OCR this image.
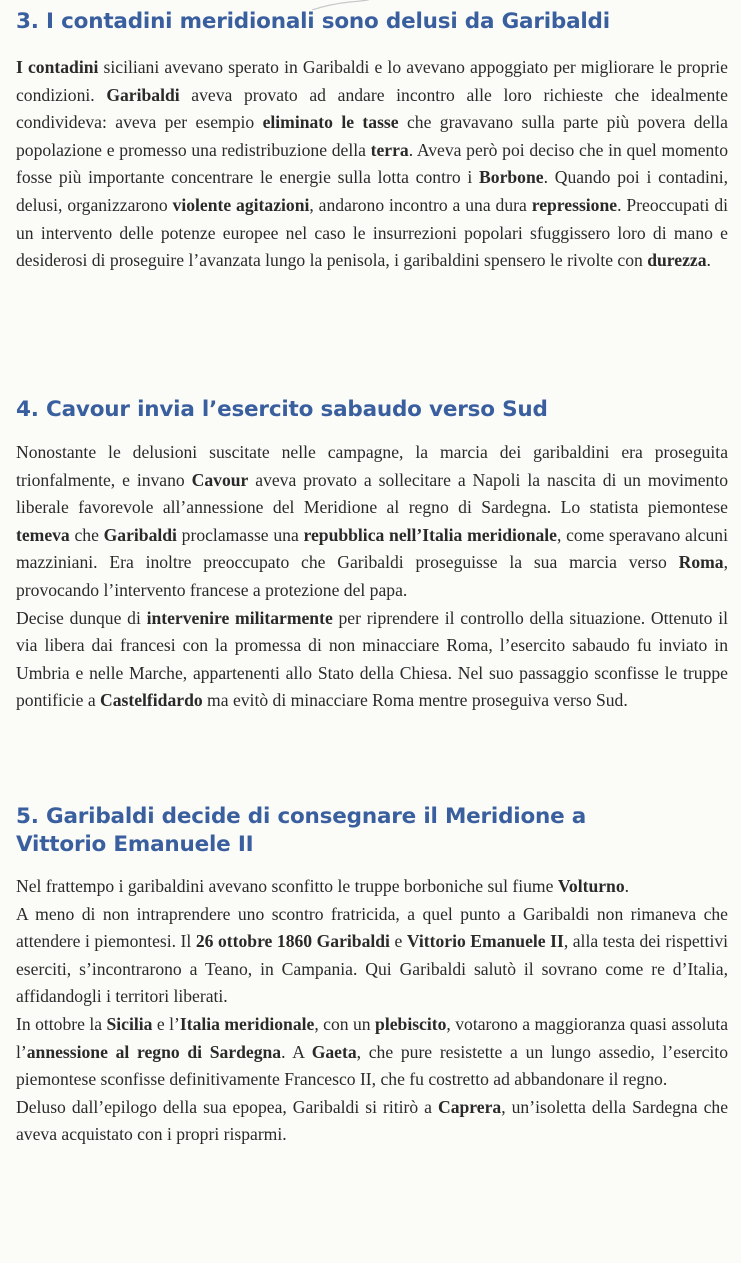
3. I contadini meridionali sono delusi da Garibaldi

I contadini siciliani avevano sperato in Garibaldi e lo avevano appoggiato per migliorare le proprie condizioni. Garibaldi aveva provato ad andare incontro alle loro richieste che idealmente condivideva: aveva per esempio eliminato le tasse che gravavano sulla parte più povera della popolazione e promesso una redistribuzione della terra. Aveva però poi deciso che in quel momento fosse più importante concentrare le energie sulla lotta contro i Borbone. Quando poi i contadini, delusi, organizzarono violente agitazioni, andarono incontro a una dura repressione. Preoccupati di un intervento delle potenze europee nel caso le insurrezioni popolari sfuggissero loro di mano e desiderosi di proseguire l’avanzata lungo la penisola, i garibaldini spensero le rivolte con durezza.

4. Cavour invia l’esercito sabaudo verso Sud

Nonostante le delusioni suscitate nelle campagne, la marcia dei garibaldini era proseguita trionfalmente, e invano Cavour aveva provato a sollecitare a Napoli la nascita di un movimento liberale favorevole all’annessione del Meridione al regno di Sardegna. Lo statista piemontese temeva che Garibaldi proclamasse una repubblica nell’Italia meridionale, come speravano alcuni mazziniani. Era inoltre preoccupato che Garibaldi proseguisse la sua marcia verso Roma, provocando l’intervento francese a protezione del papa.

Decise dunque di intervenire militarmente per riprendere il controllo della situazione. Ottenuto il via libera dai francesi con la promessa di non minacciare Roma, l’esercito sabaudo fu inviato in Umbria e nelle Marche, appartenenti allo Stato della Chiesa. Nel suo passaggio sconfisse le truppe pontificie a Castelfidardo ma evitò di minacciare Roma mentre proseguiva verso Sud.

5. Garibaldi decide di consegnare il Meridione a Vittorio Emanuele II

Nel frattempo i garibaldini avevano sconfitto le truppe borboniche sul fiume Volturno.

A meno di non intraprendere uno scontro fratricida, a quel punto a Garibaldi non rimaneva che attendere i piemontesi. Il 26 ottobre 1860 Garibaldi e Vittorio Emanuele II, alla testa dei rispettivi eserciti, s’incontrarono a Teano, in Campania. Qui Garibaldi salutò il sovrano come re d’Italia, affidandogli i territori liberati.

In ottobre la Sicilia e l’Italia meridionale, con un plebiscito, votarono a maggioranza quasi assoluta l’annessione al regno di Sardegna. A Gaeta, che pure resistette a un lungo assedio, l’esercito piemontese sconfisse definitivamente Francesco II, che fu costretto ad abbandonare il regno.

Deluso dall’epilogo della sua epopea, Garibaldi si ritirò a Caprera, un’isoletta della Sardegna che aveva acquistato con i propri risparmi.
